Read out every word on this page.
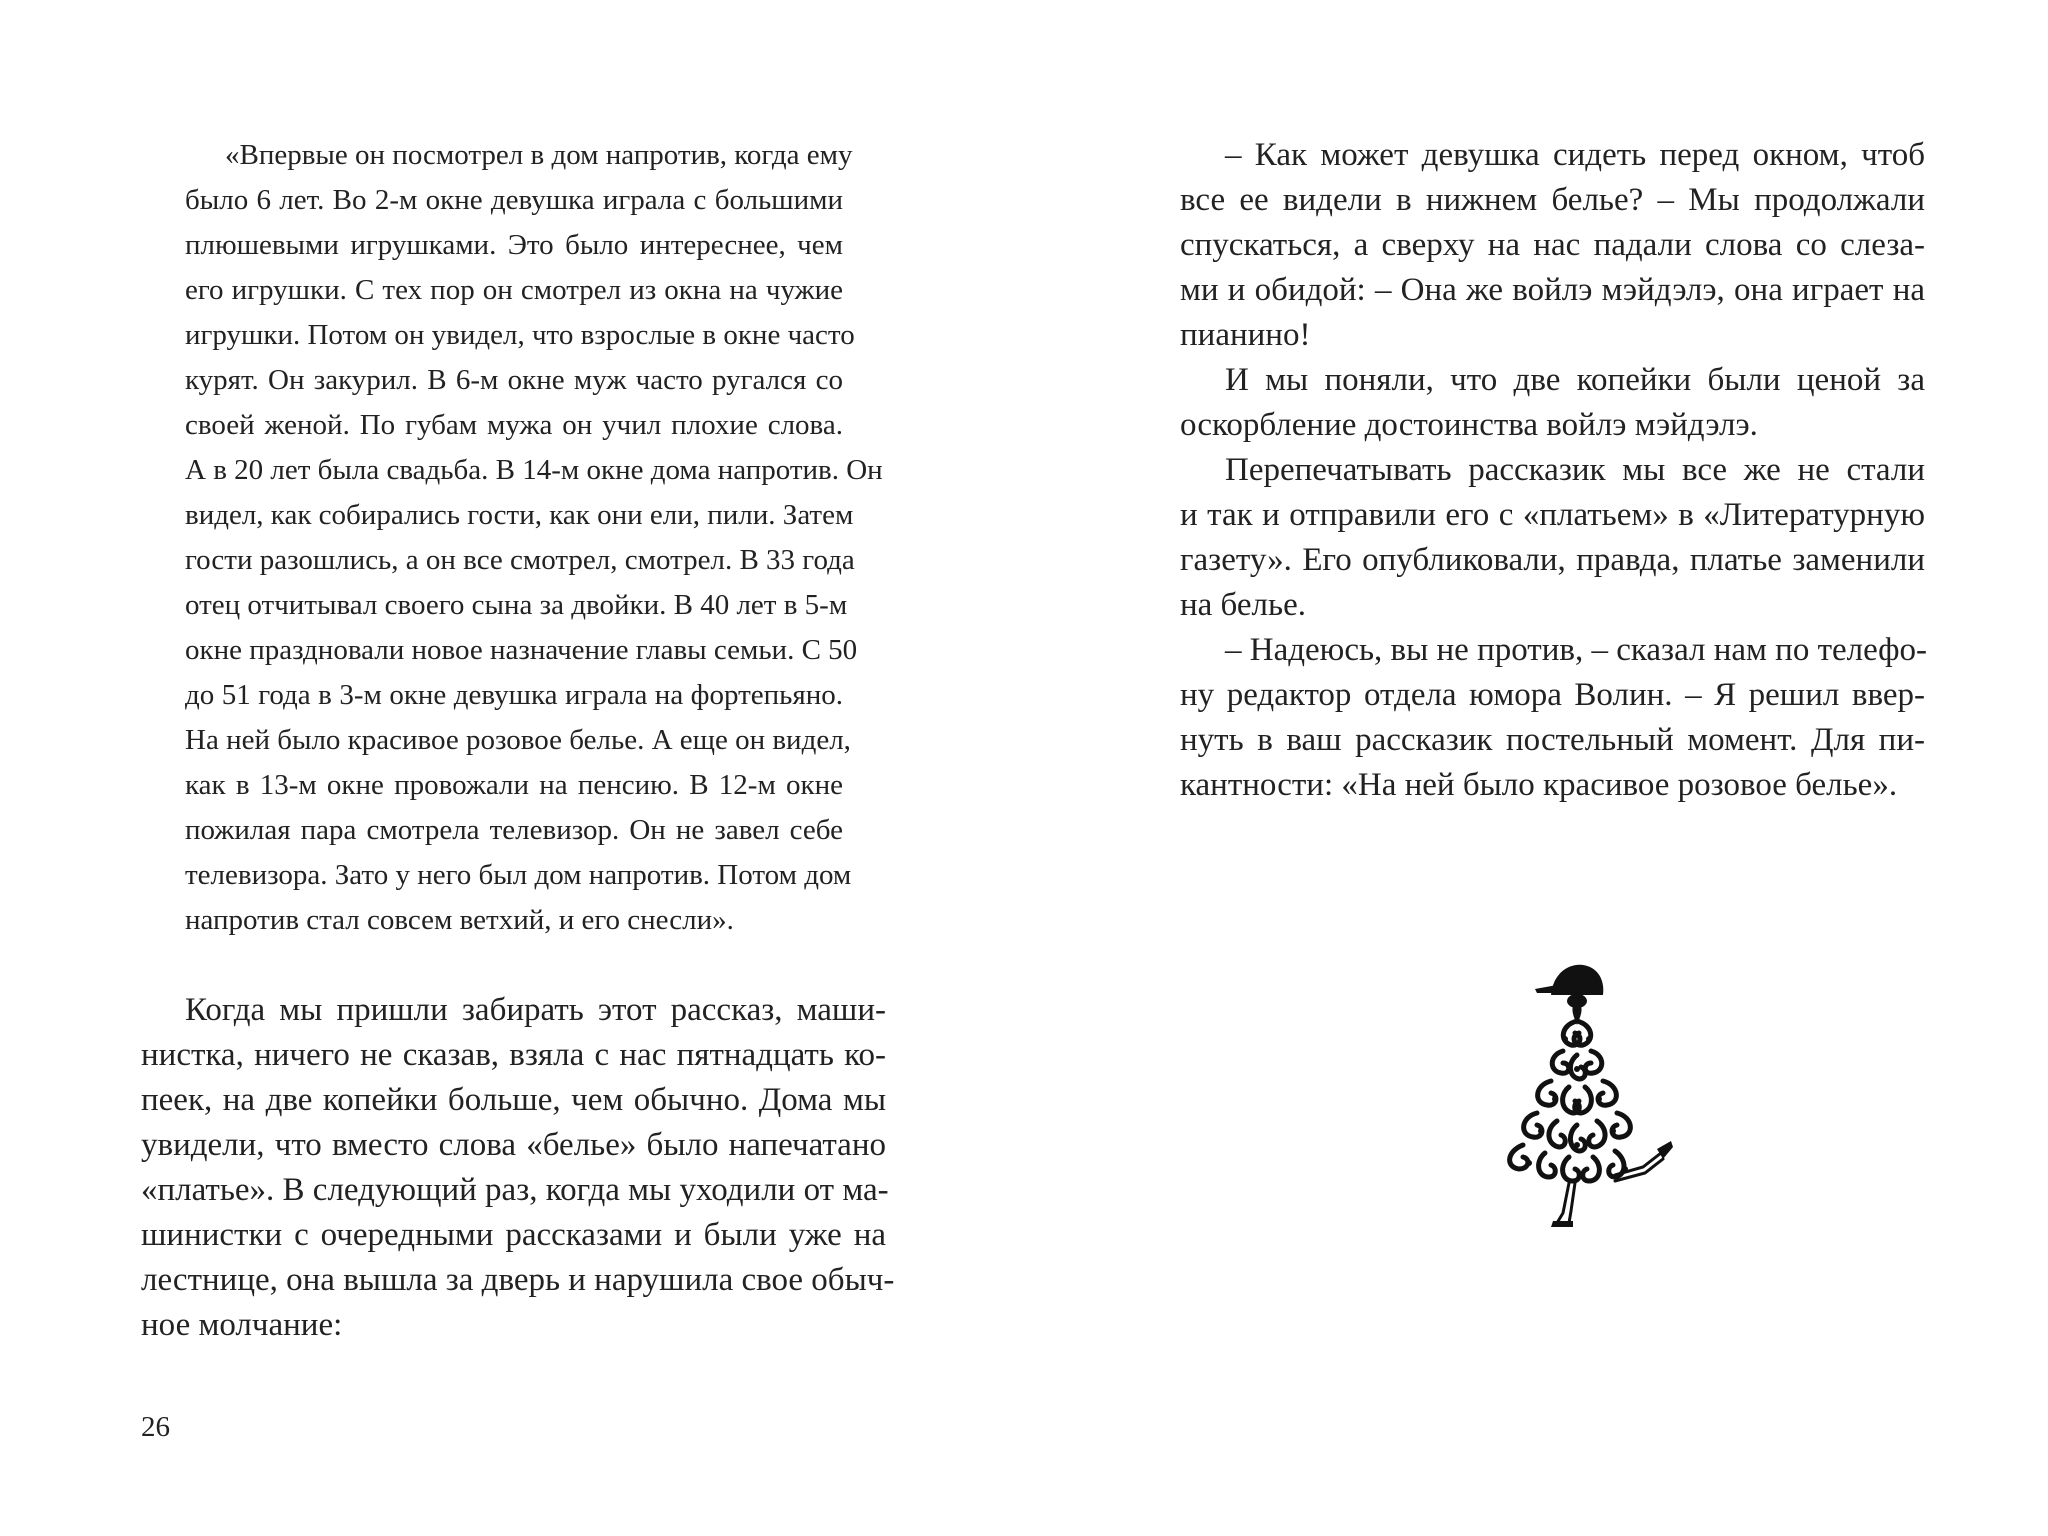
«Впервые он посмотрел в дом напротив, когда ему
было 6 лет. Во 2-м окне девушка играла с большими
плюшевыми игрушками. Это было интереснее, чем
его игрушки. С тех пор он смотрел из окна на чужие
игрушки. Потом он увидел, что взрослые в окне часто
курят. Он закурил. В 6-м окне муж часто ругался со
своей женой. По губам мужа он учил плохие слова.
А в 20 лет была свадьба. В 14-м окне дома напротив. Он
видел, как собирались гости, как они ели, пили. Затем
гости разошлись, а он все смотрел, смотрел. В 33 года
отец отчитывал своего сына за двойки. В 40 лет в 5-м
окне праздновали новое назначение главы семьи. С 50
до 51 года в 3-м окне девушка играла на фортепьяно.
На ней было красивое розовое белье. А еще он видел,
как в 13-м окне провожали на пенсию. В 12-м окне
пожилая пара смотрела телевизор. Он не завел себе
телевизора. Зато у него был дом напротив. Потом дом
напротив стал совсем ветхий, и его снесли».
Когда мы пришли забирать этот рассказ, маши-
нистка, ничего не сказав, взяла с нас пятнадцать ко-
пеек, на две копейки больше, чем обычно. Дома мы
увидели, что вместо слова «белье» было напечатано
«платье». В следующий раз, когда мы уходили от ма-
шинистки с очередными рассказами и были уже на
лестнице, она вышла за дверь и нарушила свое обыч-
ное молчание:
26
– Как может девушка сидеть перед окном, чтоб
все ее видели в нижнем белье? – Мы продолжали
спускаться, а сверху на нас падали слова со слеза-
ми и обидой: – Она же войлэ мэйдэлэ, она играет на
пианино!
И мы поняли, что две копейки были ценой за
оскорбление достоинства войлэ мэйдэлэ.
Перепечатывать рассказик мы все же не стали
и так и отправили его с «платьем» в «Литературную
газету». Его опубликовали, правда, платье заменили
на белье.
– Надеюсь, вы не против, – сказал нам по телефо-
ну редактор отдела юмора Волин. – Я решил ввер-
нуть в ваш рассказик постельный момент. Для пи-
кантности: «На ней было красивое розовое белье».
